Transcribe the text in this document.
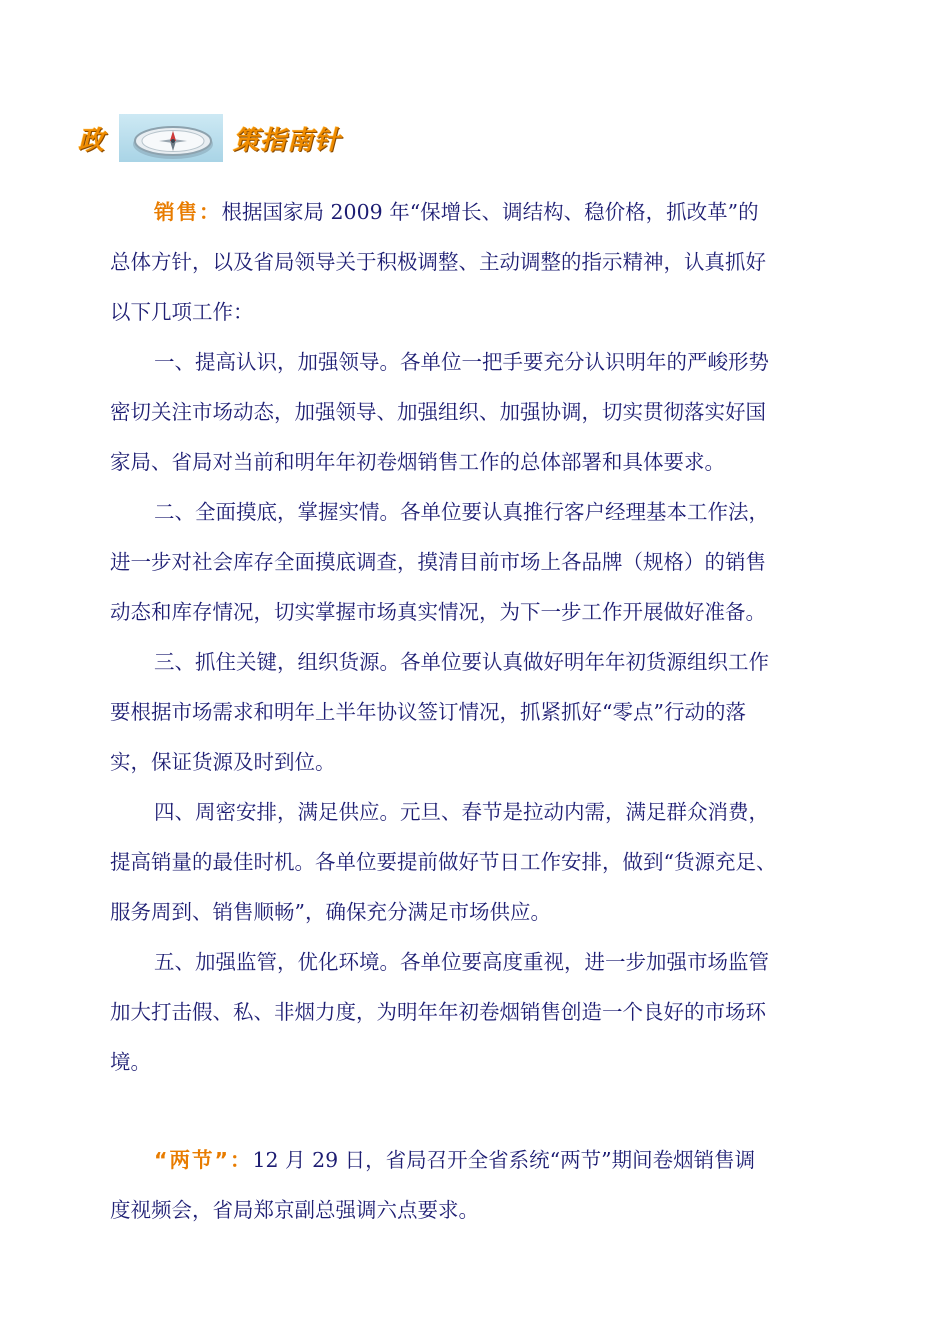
政	策指南针
销售：根据国家局 2009 年“保增长、调结构、稳价格，抓改革”的
总体方针，以及省局领导关于积极调整、主动调整的指示精神，认真抓好
以下几项工作：
一、提高认识，加强领导。各单位一把手要充分认识明年的严峻形势
密切关注市场动态，加强领导、加强组织、加强协调，切实贯彻落实好国
家局、省局对当前和明年年初卷烟销售工作的总体部署和具体要求。
二、全面摸底，掌握实情。各单位要认真推行客户经理基本工作法，
进一步对社会库存全面摸底调查，摸清目前市场上各品牌（规格）的销售
动态和库存情况，切实掌握市场真实情况，为下一步工作开展做好准备。
三、抓住关键，组织货源。各单位要认真做好明年年初货源组织工作
要根据市场需求和明年上半年协议签订情况，抓紧抓好“零点”行动的落
实，保证货源及时到位。
四、周密安排，满足供应。元旦、春节是拉动内需，满足群众消费，
提高销量的最佳时机。各单位要提前做好节日工作安排，做到“货源充足、
服务周到、销售顺畅”，确保充分满足市场供应。
五、加强监管，优化环境。各单位要高度重视，进一步加强市场监管
加大打击假、私、非烟力度，为明年年初卷烟销售创造一个良好的市场环
境。
“两节”：12 月 29 日，省局召开全省系统“两节”期间卷烟销售调
度视频会，省局郑京副总强调六点要求。
